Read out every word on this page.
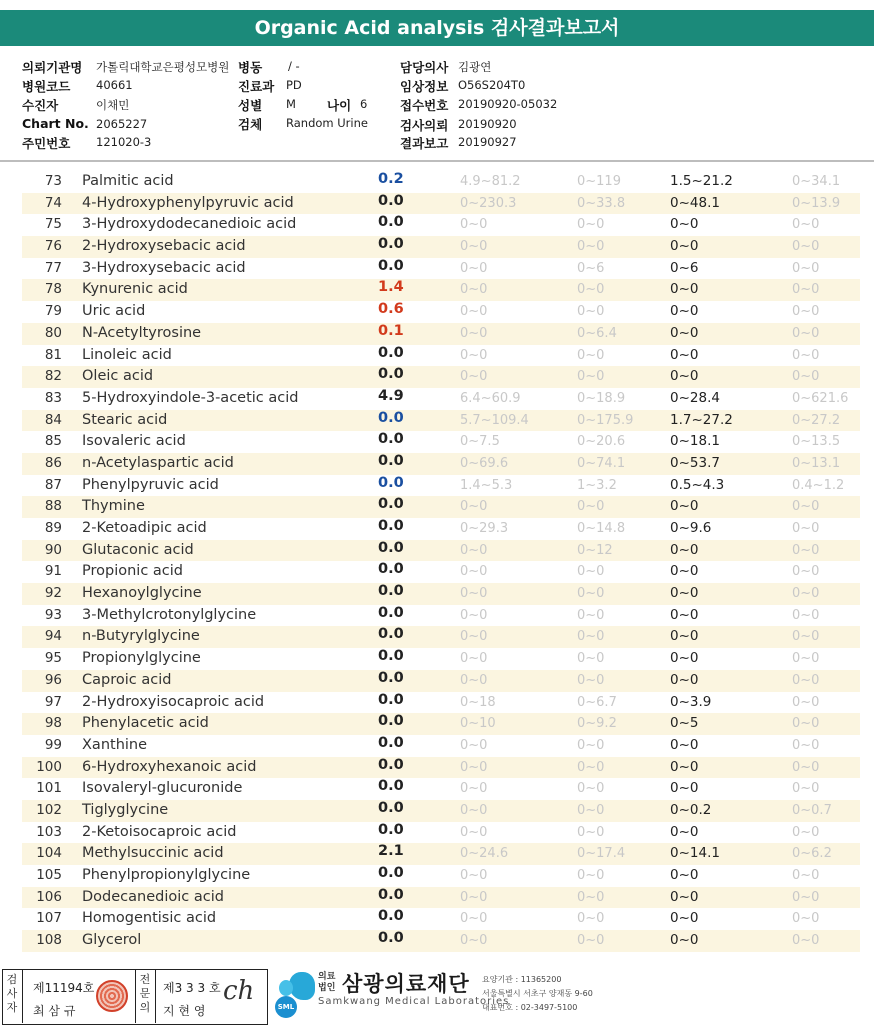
Organic Acid analysis 검사결과보고서
의뢰기관명 가톨릭대학교은평성모병원 병동 / -	담당의사 김광연
병원코드 40661	진료과 PD	임상정보 O56S204T0
수진자	이채민	성별 M 나이 6	접수번호 20190920-05032
Chart No. 2065227	검체 Random Urine	검사의뢰 20190920
주민번호 121020-3	결과보고 20190927
73 Palmitic acid	0.2	4.9~81.2	0~119	1.5~21.2	0~34.1
74 4-Hydroxyphenylpyruvic acid	0.0	0~230.3	0~33.8	0~48.1	0~13.9
75 3-Hydroxydodecanedioic acid	0.0	0~0	0~0	0~0	0~0
76 2-Hydroxysebacic acid	0.0	0~0	0~0	0~0	0~0
77 3-Hydroxysebacic acid	0.0	0~0	0~6	0~6	0~0
78 Kynurenic acid	1.4	0~0	0~0	0~0	0~0
79 Uric acid	0.6	0~0	0~0	0~0	0~0
80 N-Acetyltyrosine	0.1	0~0	0~6.4	0~0	0~0
81 Linoleic acid	0.0	0~0	0~0	0~0	0~0
82 Oleic acid	0.0	0~0	0~0	0~0	0~0
83 5-Hydroxyindole-3-acetic acid	4.9	6.4~60.9	0~18.9	0~28.4	0~621.6
84 Stearic acid	0.0	5.7~109.4	0~175.9	1.7~27.2	0~27.2
85 Isovaleric acid	0.0	0~7.5	0~20.6	0~18.1	0~13.5
86 n-Acetylaspartic acid	0.0	0~69.6	0~74.1	0~53.7	0~13.1
87 Phenylpyruvic acid	0.0	1.4~5.3	1~3.2	0.5~4.3	0.4~1.2
88 Thymine	0.0	0~0	0~0	0~0	0~0
89 2-Ketoadipic acid	0.0	0~29.3	0~14.8	0~9.6	0~0
90 Glutaconic acid	0.0	0~0	0~12	0~0	0~0
91 Propionic acid	0.0	0~0	0~0	0~0	0~0
92 Hexanoylglycine	0.0	0~0	0~0	0~0	0~0
93 3-Methylcrotonylglycine	0.0	0~0	0~0	0~0	0~0
94 n-Butyrylglycine	0.0	0~0	0~0	0~0	0~0
95 Propionylglycine	0.0	0~0	0~0	0~0	0~0
96 Caproic acid	0.0	0~0	0~0	0~0	0~0
97 2-Hydroxyisocaproic acid	0.0	0~18	0~6.7	0~3.9	0~0
98 Phenylacetic acid	0.0	0~10	0~9.2	0~5	0~0
99 Xanthine	0.0	0~0	0~0	0~0	0~0
100 6-Hydroxyhexanoic acid	0.0	0~0	0~0	0~0	0~0
101 Isovaleryl-glucuronide	0.0	0~0	0~0	0~0	0~0
102 Tiglyglycine	0.0	0~0	0~0	0~0.2	0~0.7
103 2-Ketoisocaproic acid	0.0	0~0	0~0	0~0	0~0
104 Methylsuccinic acid	2.1	0~24.6	0~17.4	0~14.1	0~6.2
105 Phenylpropionylglycine	0.0	0~0	0~0	0~0	0~0
106 Dodecanedioic acid	0.0	0~0	0~0	0~0	0~0
107 Homogentisic acid	0.0	0~0	0~0	0~0	0~0
108 Glycerol	0.0	0~0	0~0	0~0	0~0
검사자
제11194호
최 삼 규
전문의
제3 3 3 호
지 현 영
ch
SML
의료
법인 삼광의료재단
Samkwang Medical Laboratories
요양기관 : 11365200
서울특별시 서초구 양재동 9-60
대표번호 : 02-3497-5100
